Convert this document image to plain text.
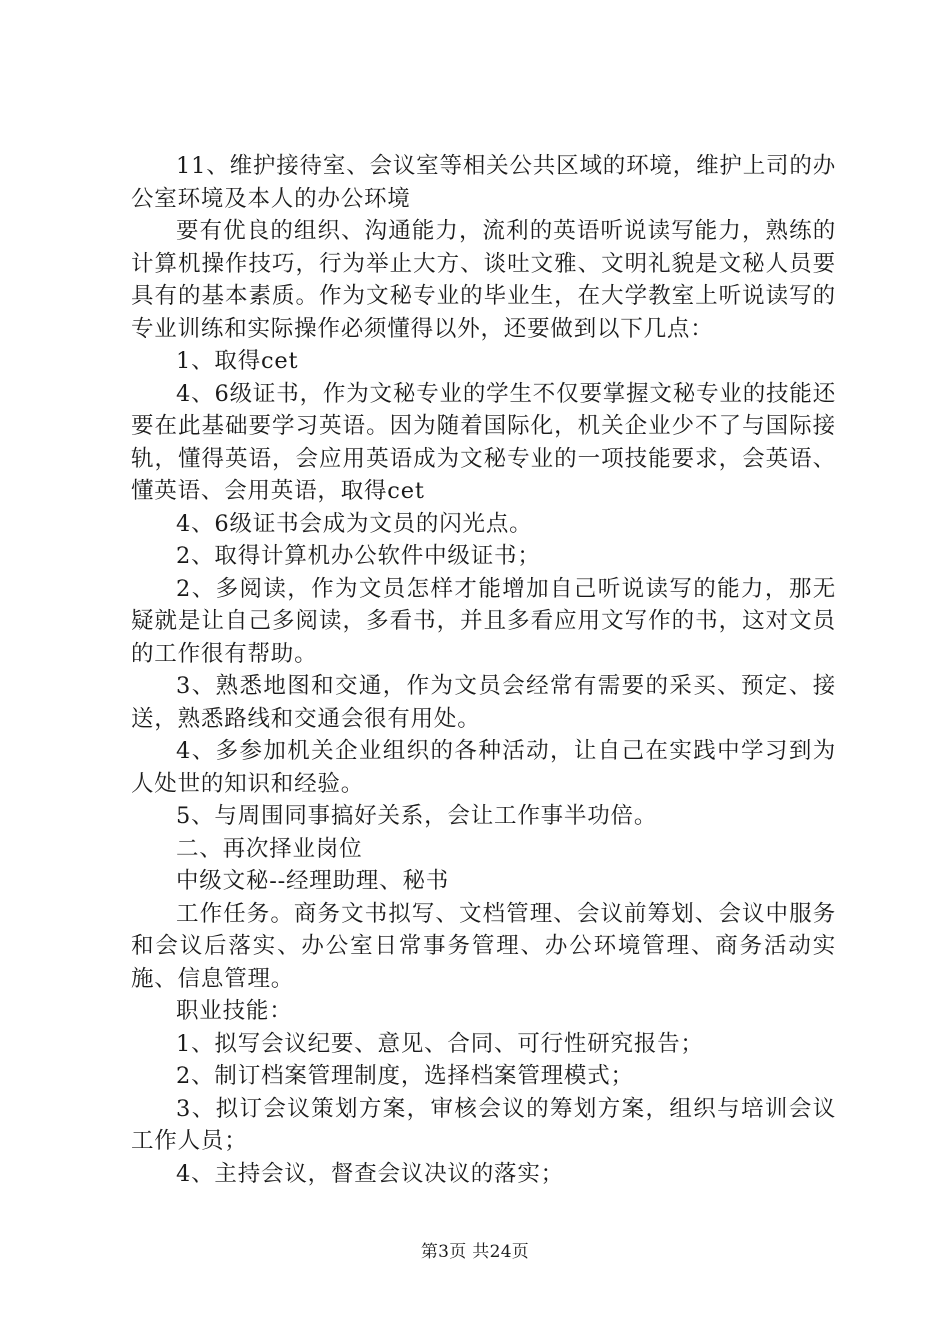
11、维护接待室、会议室等相关公共区域的环境，维护上司的办公室环境及本人的办公环境

要有优良的组织、沟通能力，流利的英语听说读写能力，熟练的计算机操作技巧，行为举止大方、谈吐文雅、文明礼貌是文秘人员要具有的基本素质。作为文秘专业的毕业生，在大学教室上听说读写的专业训练和实际操作必须懂得以外，还要做到以下几点：

1、取得cet

4、6级证书，作为文秘专业的学生不仅要掌握文秘专业的技能还要在此基础要学习英语。因为随着国际化，机关企业少不了与国际接轨，懂得英语，会应用英语成为文秘专业的一项技能要求，会英语、懂英语、会用英语，取得cet

4、6级证书会成为文员的闪光点。

2、取得计算机办公软件中级证书；

2、多阅读，作为文员怎样才能增加自己听说读写的能力，那无疑就是让自己多阅读，多看书，并且多看应用文写作的书，这对文员的工作很有帮助。

3、熟悉地图和交通，作为文员会经常有需要的采买、预定、接送，熟悉路线和交通会很有用处。

4、多参加机关企业组织的各种活动，让自己在实践中学习到为人处世的知识和经验。

5、与周围同事搞好关系，会让工作事半功倍。

二、再次择业岗位

中级文秘--经理助理、秘书

工作任务。商务文书拟写、文档管理、会议前筹划、会议中服务和会议后落实、办公室日常事务管理、办公环境管理、商务活动实施、信息管理。

职业技能：

1、拟写会议纪要、意见、合同、可行性研究报告；

2、制订档案管理制度，选择档案管理模式；

3、拟订会议策划方案，审核会议的筹划方案，组织与培训会议工作人员；

4、主持会议，督查会议决议的落实；

第3页 共24页
